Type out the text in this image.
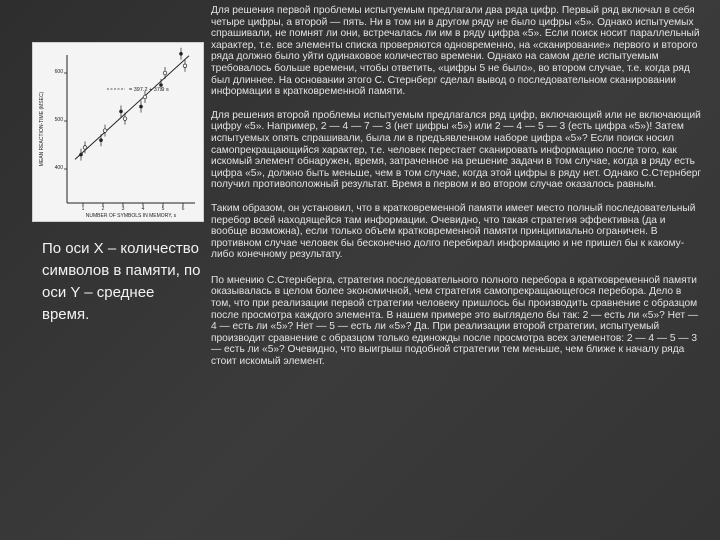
MEAN REACTION-TIME (MSEC)
NUMBER OF SYMBOLS IN MEMORY, s
= 397.2 + 37.9 s
600
500
400
1	2	3	4	5	6
По оси Х – количество символов в памяти, по оси Y – среднее время.

Для решения первой проблемы испытуемым предлагали два ряда цифр. Первый ряд включал в себя четыре цифры, а второй — пять. Ни в том ни в другом ряду не было цифры «5». Однако испытуемых спрашивали, не помнят ли они, встречалась ли им в ряду цифра «5». Если поиск носит параллельный характер, т.е. все элементы списка проверяются одновременно, на «сканирование» первого и второго ряда должно было уйти одинаковое количество времени. Однако на самом деле испытуемым требовалось больше времени, чтобы ответить, «цифры 5 не было», во втором случае, т.е. когда ряд был длиннее. На основании этого С. Стернберг сделал вывод о последовательном сканировании информации в кратковременной памяти.

Для решения второй проблемы испытуемым предлагался ряд цифр, включающий или не включающий цифру «5». Например, 2 — 4 — 7 — 3 (нет цифры «5») или 2 — 4 — 5 — 3 (есть цифра «5»)! Затем испытуемых опять спрашивали, была ли в предъявленном наборе цифра «5»? Если поиск носил самопрекращающийся характер, т.е. человек перестает сканировать информацию после того, как искомый элемент обнаружен, время, затраченное на решение задачи в том случае, когда в ряду есть цифра «5», должно быть меньше, чем в том случае, когда этой цифры в ряду нет. Однако С.Стернберг получил противоположный результат. Время в первом и во втором случае оказалось равным.

Таким образом, он установил, что в кратковременной памяти имеет место полный последовательный перебор всей находящейся там информации. Очевидно, что такая стратегия эффективна (да и вообще возможна), если только объем кратковременной памяти принципиально ограничен. В противном случае человек бы бесконечно долго перебирал информацию и не пришел бы к какому-либо конечному результату.

По мнению С.Стернберга, стратегия последовательного полного перебора в кратковременной памяти оказывалась в целом более экономичной, чем стратегия самопрекращающегося перебора. Дело в том, что при реализации первой стратегии человеку пришлось бы производить сравнение с образцом после просмотра каждого элемента. В нашем примере это выглядело бы так: 2 — есть ли «5»? Нет — 4 — есть ли «5»? Нет — 5 — есть ли «5»? Да. При реализации второй стратегии, испытуемый производит сравнение с образцом только единожды после просмотра всех элементов: 2 — 4 — 5 — 3 — есть ли «5»? Очевидно, что выигрыш подобной стратегии тем меньше, чем ближе к началу ряда стоит искомый элемент.
